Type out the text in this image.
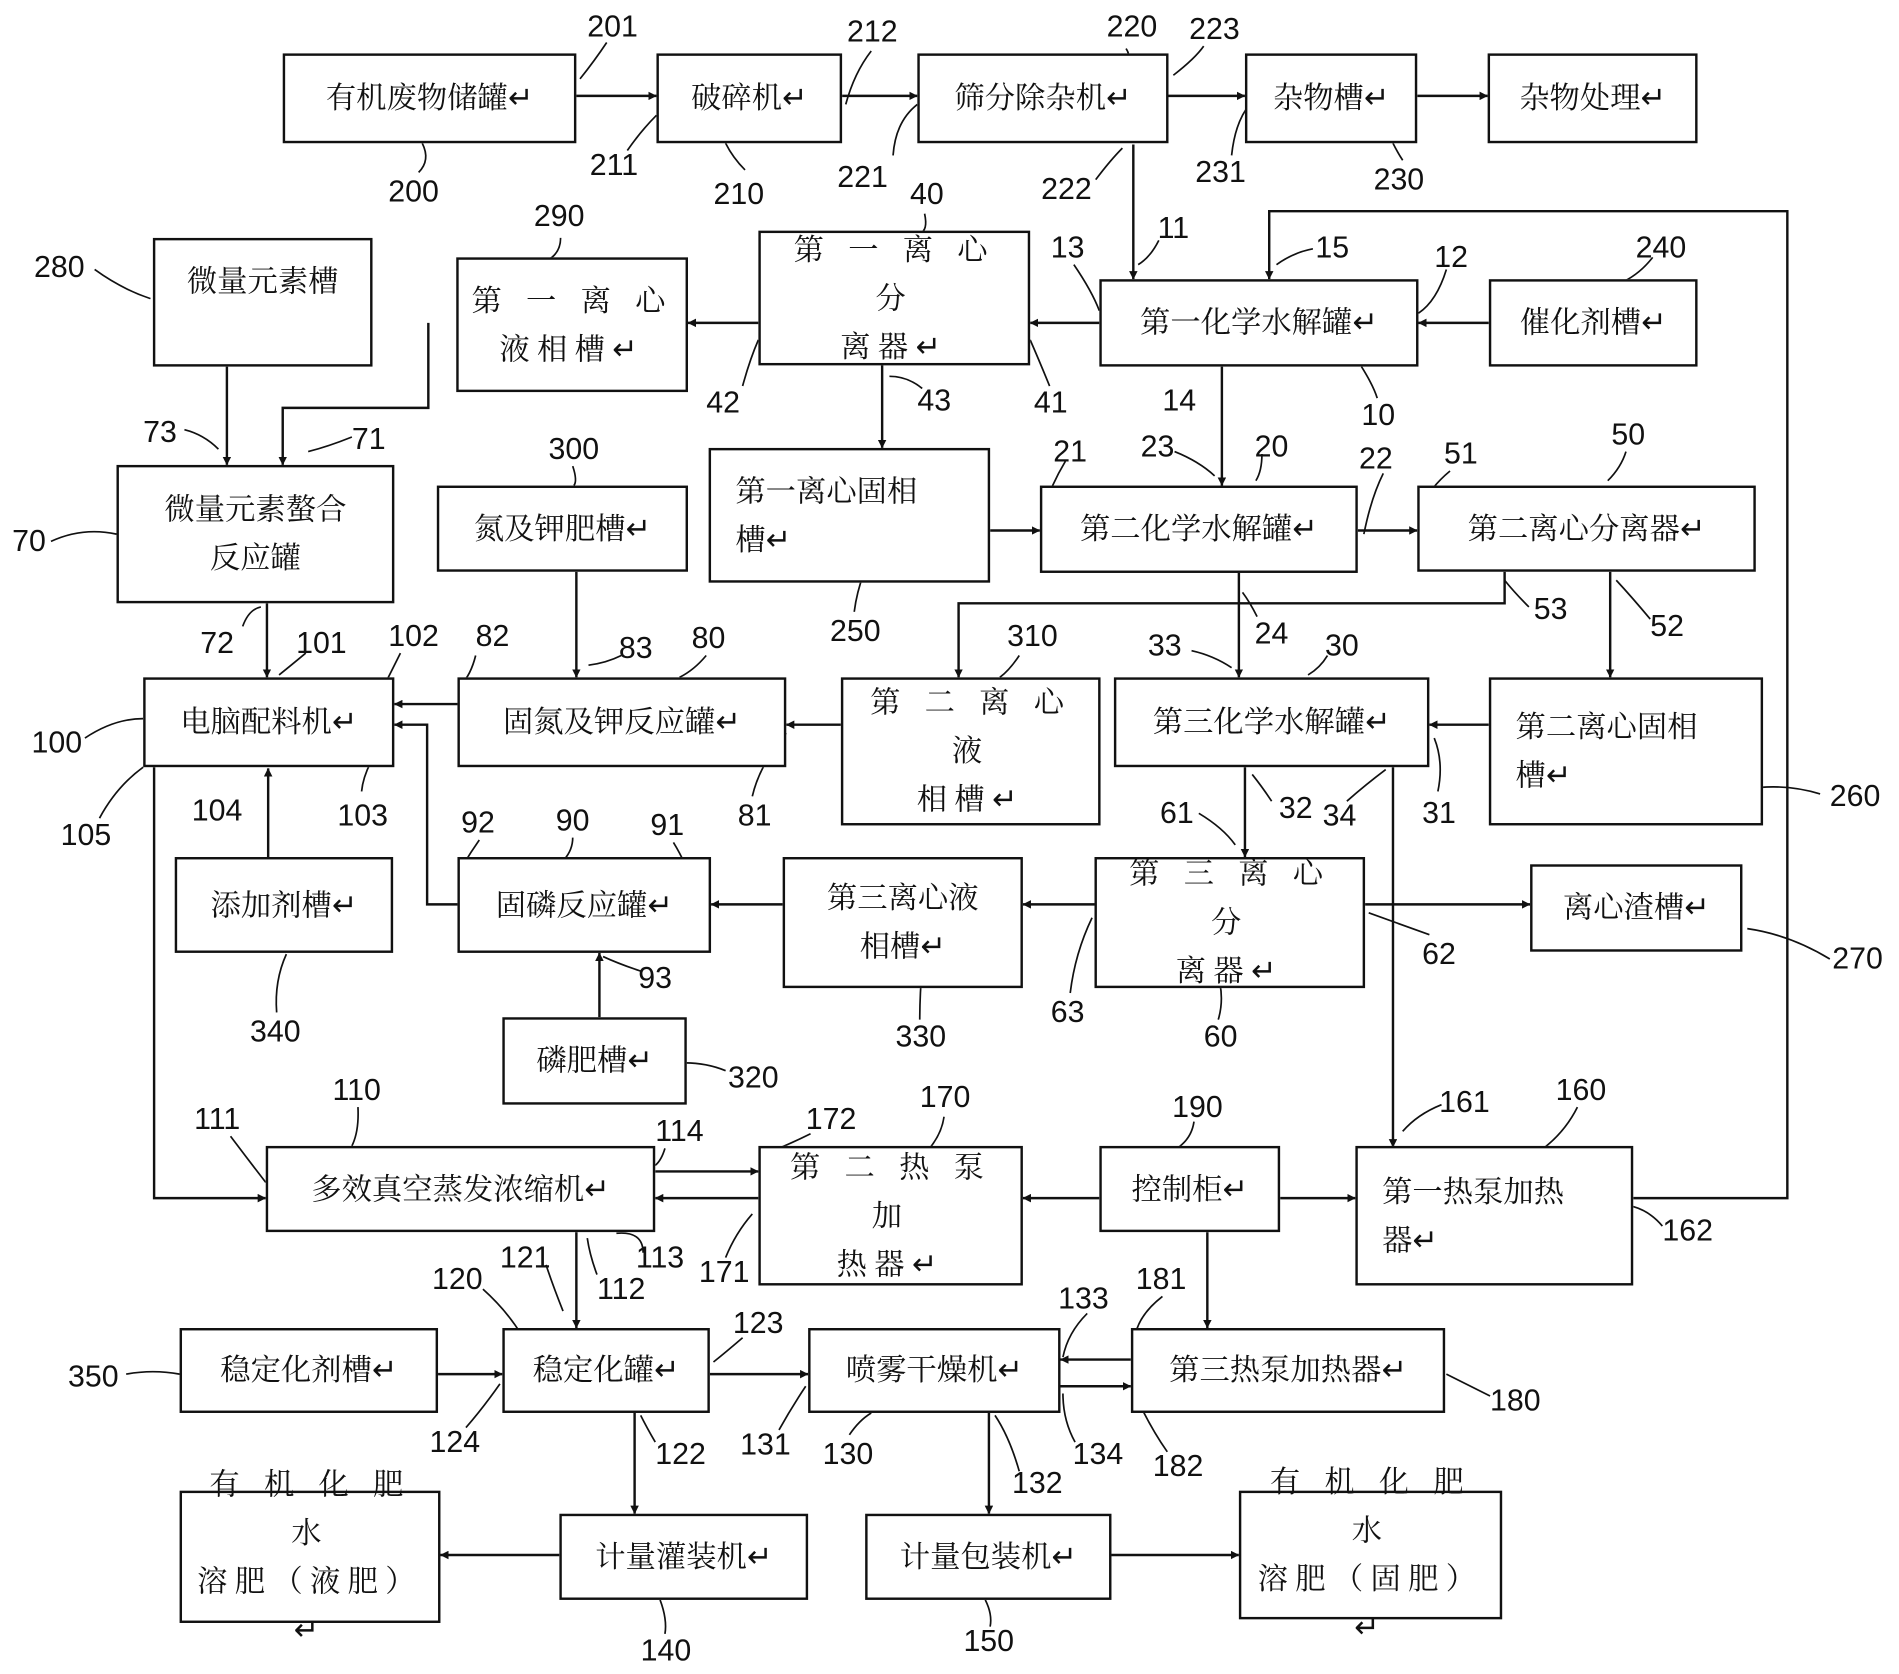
有机废物储罐↵	破碎机↵	筛分除杂机↵	杂物槽↵	杂物处理↵
微量元素槽
第 一 离 心
液相槽↵
第 一 离 心 分
离器↵
第一化学水解罐↵	催化剂槽↵
微量元素螯合
反应罐
氮及钾肥槽↵
第一离心固相
槽↵	第二化学水解罐↵	第二离心分离器↵
电脑配料机↵	固氮及钾反应罐↵
第 二 离 心 液
相槽↵
第三化学水解罐↵	第二离心固相
槽↵
添加剂槽↵	固磷反应罐↵	第三离心液
相槽↵
第 三 离 心 分
离器↵
离心渣槽↵
磷肥槽↵
多效真空蒸发浓缩机↵
第 二 热 泵 加
热器↵
控制柜↵	第一热泵加热
器↵
稳定化剂槽↵	稳定化罐↵	喷雾干燥机↵	第三热泵加热器↵
有 机 化 肥 水
溶肥（液肥）↵
计量灌装机↵	计量包装机↵
有 机 化 肥 水
溶肥（固肥）↵
201	212	220 223
211
200	210	221	222	231	230
40
290
280
240
13
11
15	12
42	43	41	14	10
73	71	300	21 23	20	22 51
50
70
250
53
52
72 101 102 82	83 80	310	33	24 30
100
105
104	103	81	61	32 34	31	260
92 90 91
93
62	270
340	330
63
60
320
110
111	114	172
170	190	161	160
121	113 171
112
162
120
133
181
123
350
124	131 130	134 182
180
122
132
140	150
